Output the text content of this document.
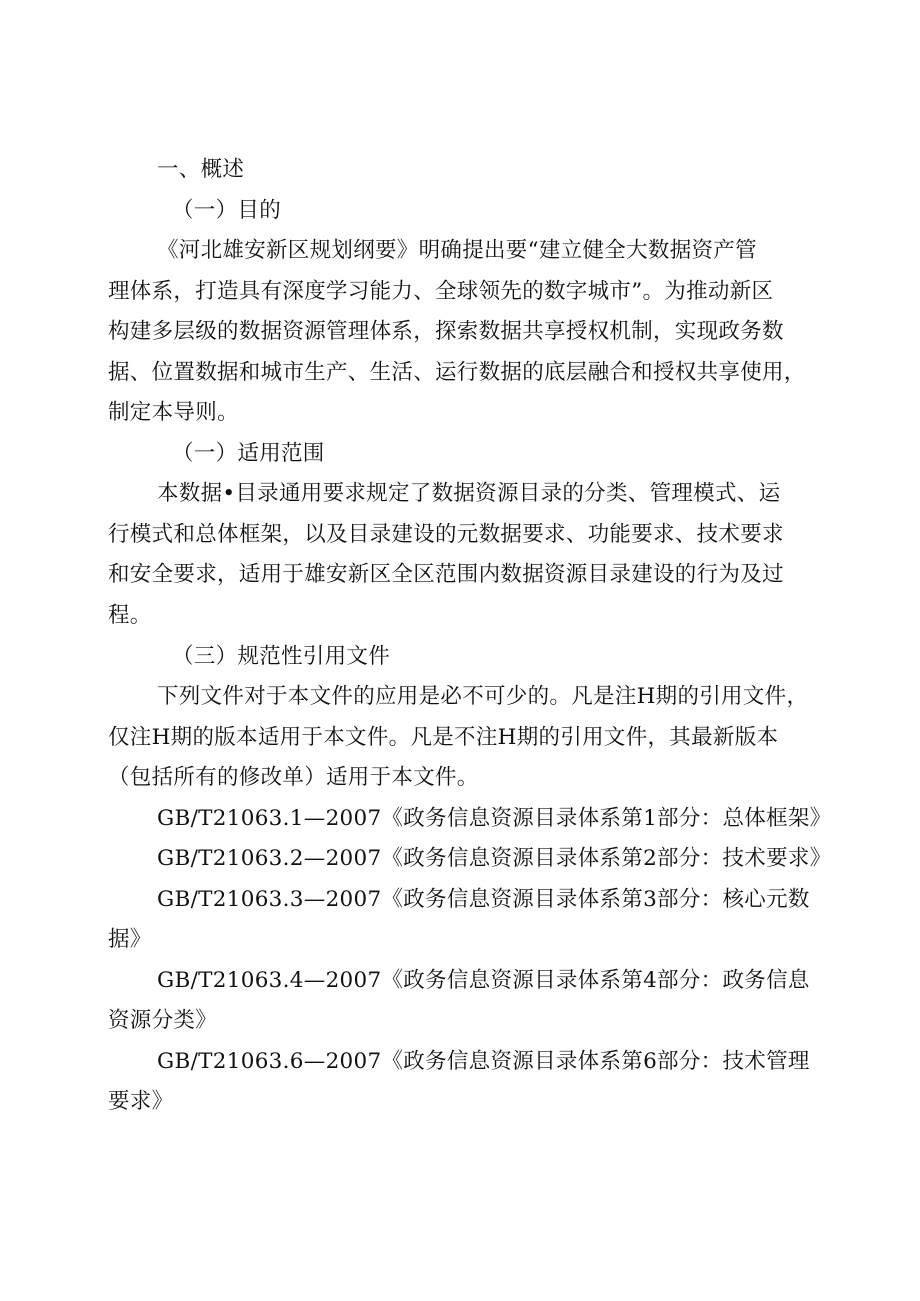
一、概述
（一）目的
《河北雄安新区规划纲要》明确提出要“建立健全大数据资产管
理体系，打造具有深度学习能力、全球领先的数字城市”。为推动新区
构建多层级的数据资源管理体系，探索数据共享授权机制，实现政务数
据、位置数据和城市生产、生活、运行数据的底层融合和授权共享使用，
制定本导则。
（一）适用范围
本数据•目录通用要求规定了数据资源目录的分类、管理模式、运
行模式和总体框架，以及目录建设的元数据要求、功能要求、技术要求
和安全要求，适用于雄安新区全区范围内数据资源目录建设的行为及过
程。
（三）规范性引用文件
下列文件对于本文件的应用是必不可少的。凡是注H期的引用文件，
仅注H期的版本适用于本文件。凡是不注H期的引用文件，其最新版本
（包括所有的修改单）适用于本文件。
GB/T21063.1—2007《政务信息资源目录体系第1部分：总体框架》
GB/T21063.2—2007《政务信息资源目录体系第2部分：技术要求》
GB/T21063.3—2007《政务信息资源目录体系第3部分：核心元数
据》
GB/T21063.4—2007《政务信息资源目录体系第4部分：政务信息
资源分类》
GB/T21063.6—2007《政务信息资源目录体系第6部分：技术管理
要求》
